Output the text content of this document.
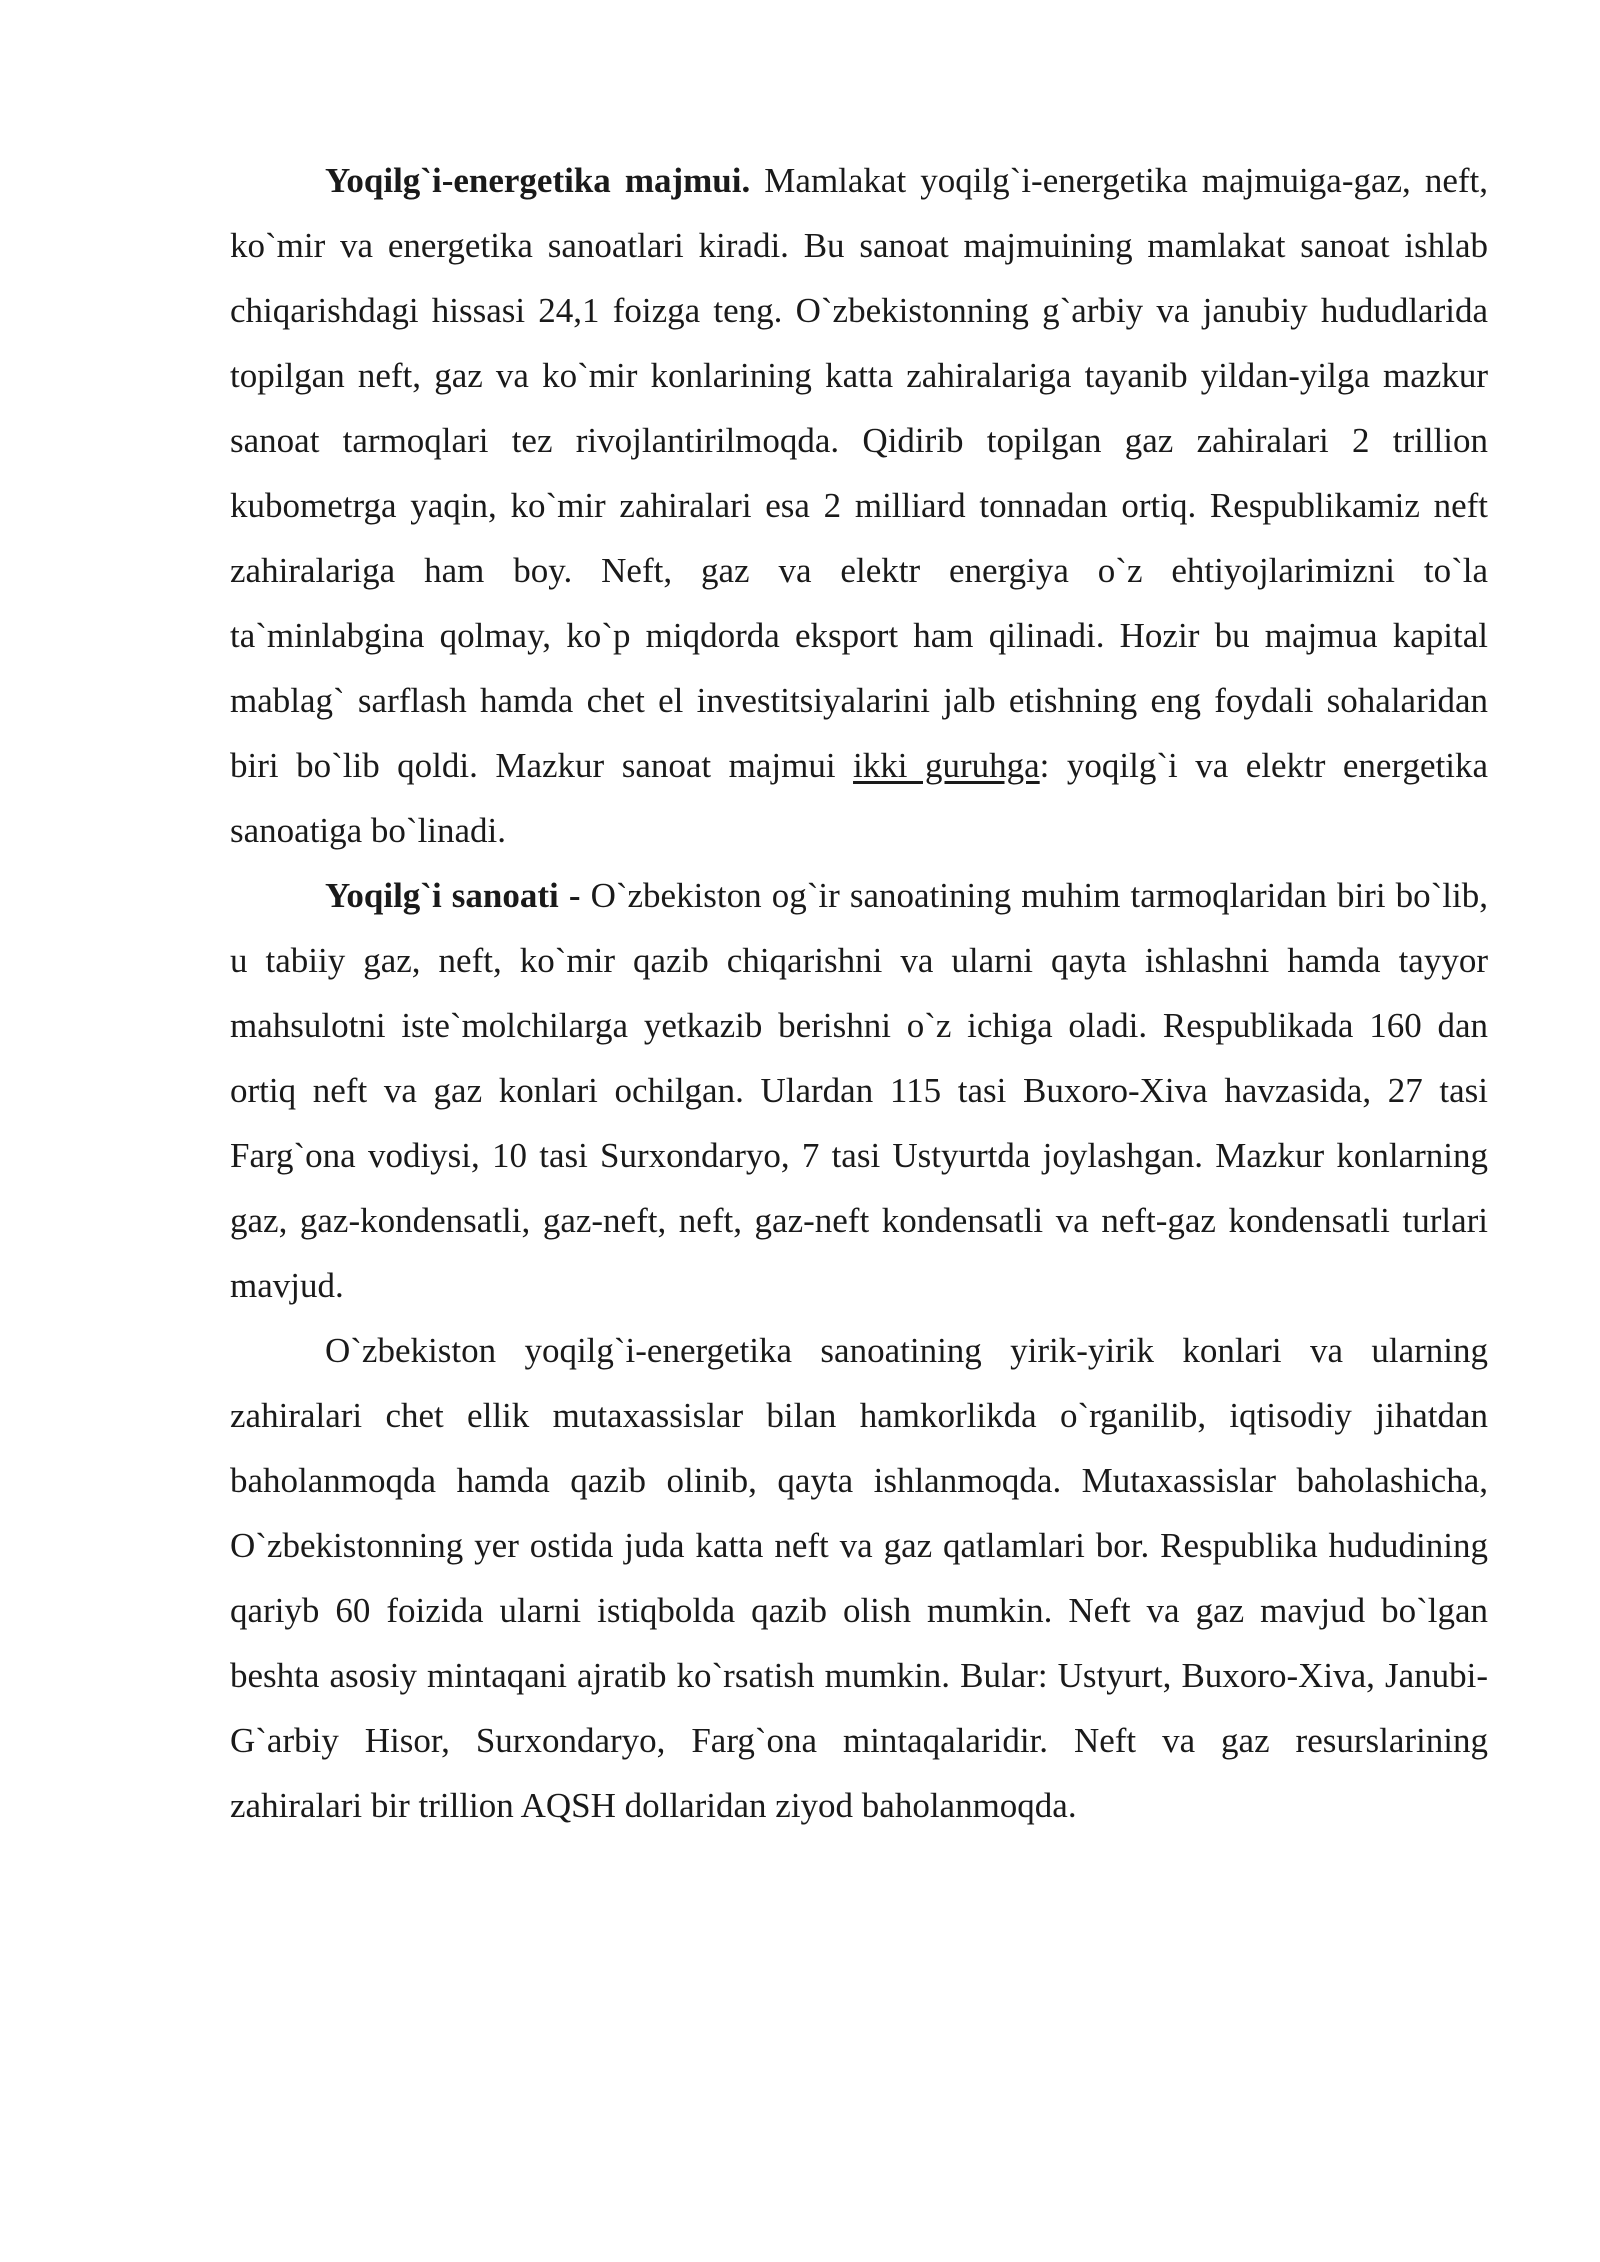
Yoqilg`i-energetika majmui. Mamlakat yoqilg`i-energetika majmuiga-gaz, neft, ko`mir va energetika sanoatlari kiradi. Bu sanoat majmuining mamlakat sanoat ishlab chiqarishdagi hissasi 24,1 foizga teng. O`zbekistonning g`arbiy va janubiy hududlarida topilgan neft, gaz va ko`mir konlarining katta zahiralariga tayanib yildan-yilga mazkur sanoat tarmoqlari tez rivojlantirilmoqda. Qidirib topilgan gaz zahiralari 2 trillion kubometrga yaqin, ko`mir zahiralari esa 2 milliard tonnadan ortiq. Respublikamiz neft zahiralariga ham boy. Neft, gaz va elektr energiya o`z ehtiyojlarimizni to`la ta`minlabgina qolmay, ko`p miqdorda eksport ham qilinadi. Hozir bu majmua kapital mablag` sarflash hamda chet el investitsiyalarini jalb etishning eng foydali sohalaridan biri bo`lib qoldi. Mazkur sanoat majmui ikki guruhga: yoqilg`i va elektr energetika sanoatiga bo`linadi.

Yoqilg`i sanoati - O`zbekiston og`ir sanoatining muhim tarmoqlaridan biri bo`lib, u tabiiy gaz, neft, ko`mir qazib chiqarishni va ularni qayta ishlashni hamda tayyor mahsulotni iste`molchilarga yetkazib berishni o`z ichiga oladi. Respublikada 160 dan ortiq neft va gaz konlari ochilgan. Ulardan 115 tasi Buxoro-Xiva havzasida, 27 tasi Farg`ona vodiysi, 10 tasi Surxondaryo, 7 tasi Ustyurtda joylashgan. Mazkur konlarning gaz, gaz-kondensatli, gaz-neft, neft, gaz-neft kondensatli va neft-gaz kondensatli turlari mavjud.

O`zbekiston yoqilg`i-energetika sanoatining yirik-yirik konlari va ularning zahiralari chet ellik mutaxassislar bilan hamkorlikda o`rganilib, iqtisodiy jihatdan baholanmoqda hamda qazib olinib, qayta ishlanmoqda. Mutaxassislar baholashicha, O`zbekistonning yer ostida juda katta neft va gaz qatlamlari bor. Respublika hududining qariyb 60 foizida ularni istiqbolda qazib olish mumkin. Neft va gaz mavjud bo`lgan beshta asosiy mintaqani ajratib ko`rsatish mumkin. Bular: Ustyurt, Buxoro-Xiva, Janubi-G`arbiy Hisor, Surxondaryo, Farg`ona mintaqalaridir. Neft va gaz resurslarining zahiralari bir trillion AQSH dollaridan ziyod baholanmoqda.
